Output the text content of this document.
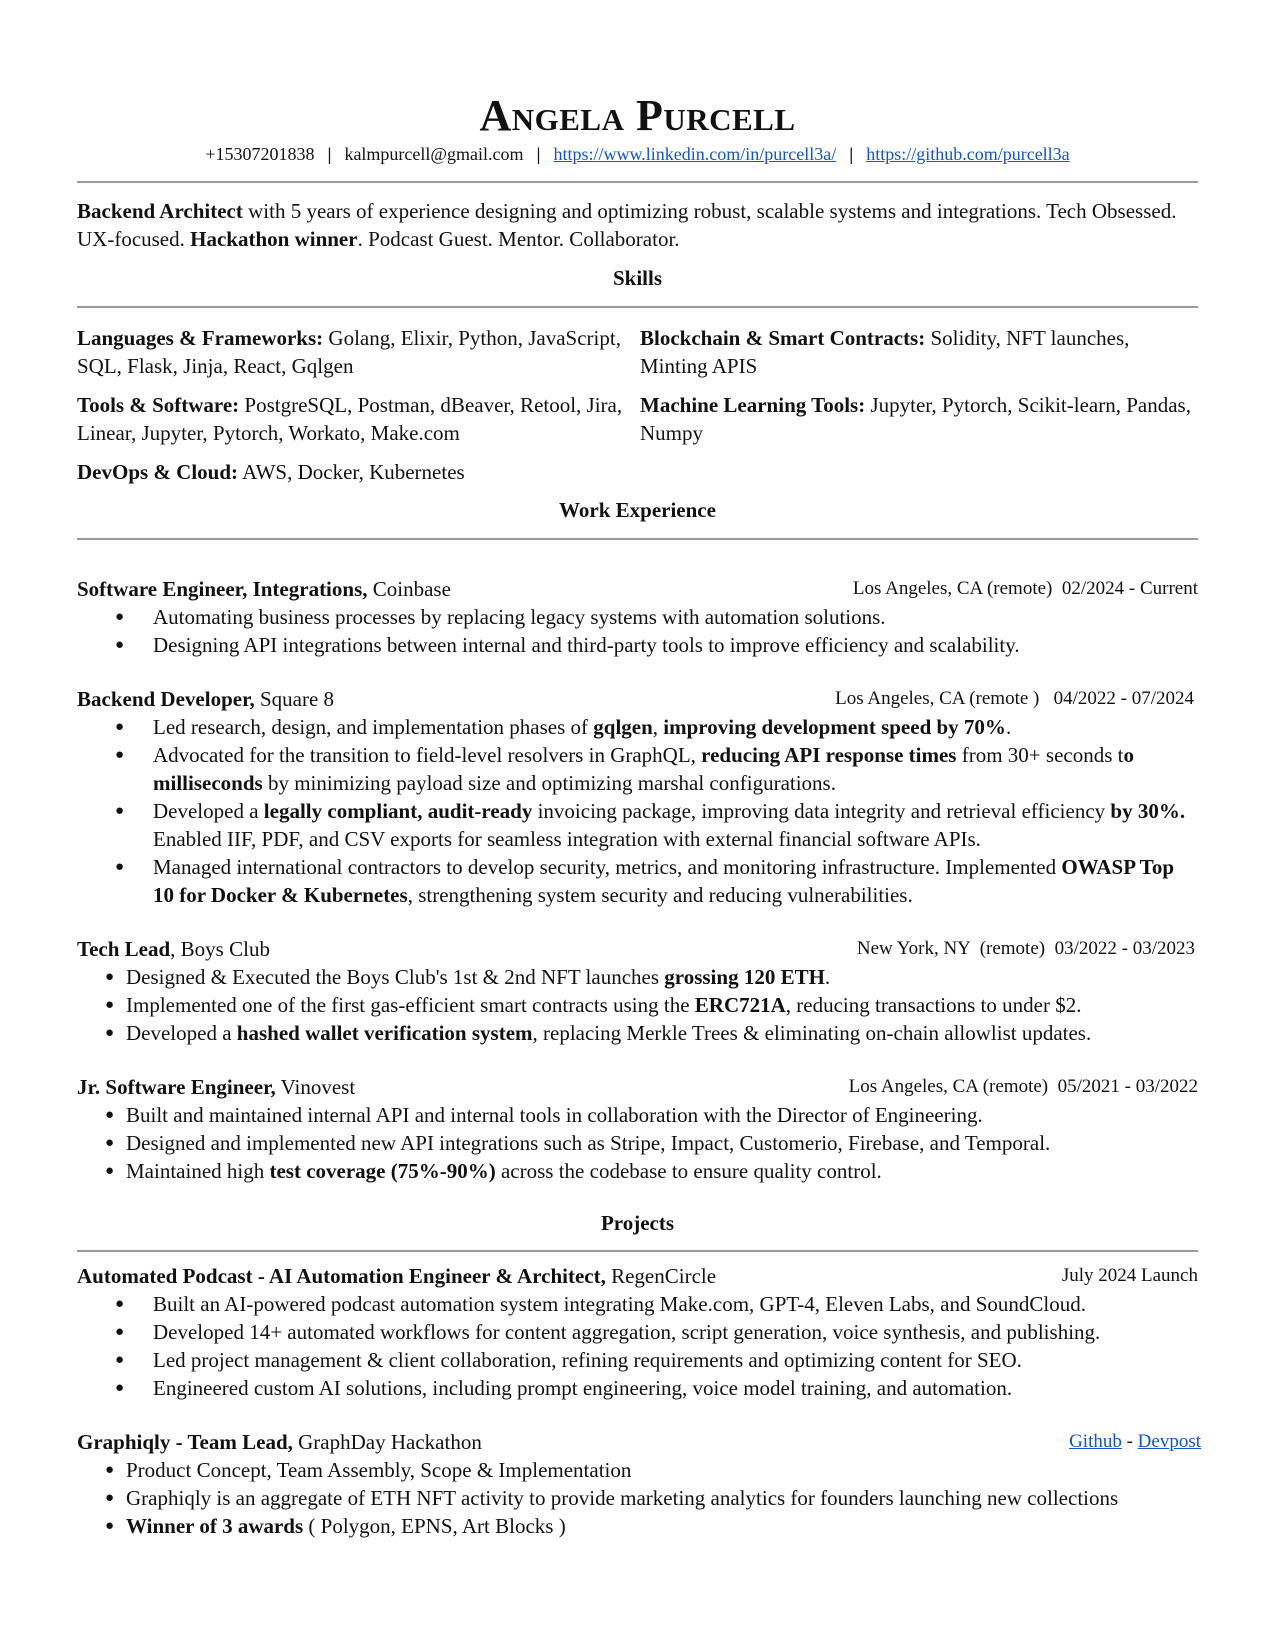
Angela Purcell
+15307201838 | kalmpurcell@gmail.com | https://www.linkedin.com/in/purcell3a/ | https://github.com/purcell3a
Backend Architect with 5 years of experience designing and optimizing robust, scalable systems and integrations. Tech Obsessed. UX-focused. Hackathon winner. Podcast Guest. Mentor. Collaborator.
Skills
Languages & Frameworks: Golang, Elixir, Python, JavaScript, SQL, Flask, Jinja, React, Gqlgen
Blockchain & Smart Contracts: Solidity, NFT launches, Minting APIS
Tools & Software: PostgreSQL, Postman, dBeaver, Retool, Jira, Linear, Jupyter, Pytorch, Workato, Make.com
Machine Learning Tools: Jupyter, Pytorch, Scikit-learn, Pandas, Numpy
DevOps & Cloud: AWS, Docker, Kubernetes
Work Experience
Software Engineer, Integrations, Coinbase	Los Angeles, CA (remote)  02/2024 - Current
● Automating business processes by replacing legacy systems with automation solutions.
● Designing API integrations between internal and third-party tools to improve efficiency and scalability.
Backend Developer, Square 8	Los Angeles, CA (remote )   04/2022 - 07/2024
● Led research, design, and implementation phases of gqlgen, improving development speed by 70%.
● Advocated for the transition to field-level resolvers in GraphQL, reducing API response times from 30+ seconds to milliseconds by minimizing payload size and optimizing marshal configurations.
● Developed a legally compliant, audit-ready invoicing package, improving data integrity and retrieval efficiency by 30%. Enabled IIF, PDF, and CSV exports for seamless integration with external financial software APIs.
● Managed international contractors to develop security, metrics, and monitoring infrastructure. Implemented OWASP Top 10 for Docker & Kubernetes, strengthening system security and reducing vulnerabilities.
Tech Lead, Boys Club	New York, NY  (remote)  03/2022 - 03/2023
● Designed & Executed the Boys Club's 1st & 2nd NFT launches grossing 120 ETH.
● Implemented one of the first gas-efficient smart contracts using the ERC721A, reducing transactions to under $2.
● Developed a hashed wallet verification system, replacing Merkle Trees & eliminating on-chain allowlist updates.
Jr. Software Engineer, Vinovest	Los Angeles, CA (remote)  05/2021 - 03/2022
● Built and maintained internal API and internal tools in collaboration with the Director of Engineering.
● Designed and implemented new API integrations such as Stripe, Impact, Customerio, Firebase, and Temporal.
● Maintained high test coverage (75%-90%) across the codebase to ensure quality control.
Projects
Automated Podcast - AI Automation Engineer & Architect, RegenCircle	July 2024 Launch
● Built an AI-powered podcast automation system integrating Make.com, GPT-4, Eleven Labs, and SoundCloud.
● Developed 14+ automated workflows for content aggregation, script generation, voice synthesis, and publishing.
● Led project management & client collaboration, refining requirements and optimizing content for SEO.
● Engineered custom AI solutions, including prompt engineering, voice model training, and automation.
Graphiqly - Team Lead, GraphDay Hackathon	Github - Devpost
● Product Concept, Team Assembly, Scope & Implementation
● Graphiqly is an aggregate of ETH NFT activity to provide marketing analytics for founders launching new collections
● Winner of 3 awards ( Polygon, EPNS, Art Blocks )
